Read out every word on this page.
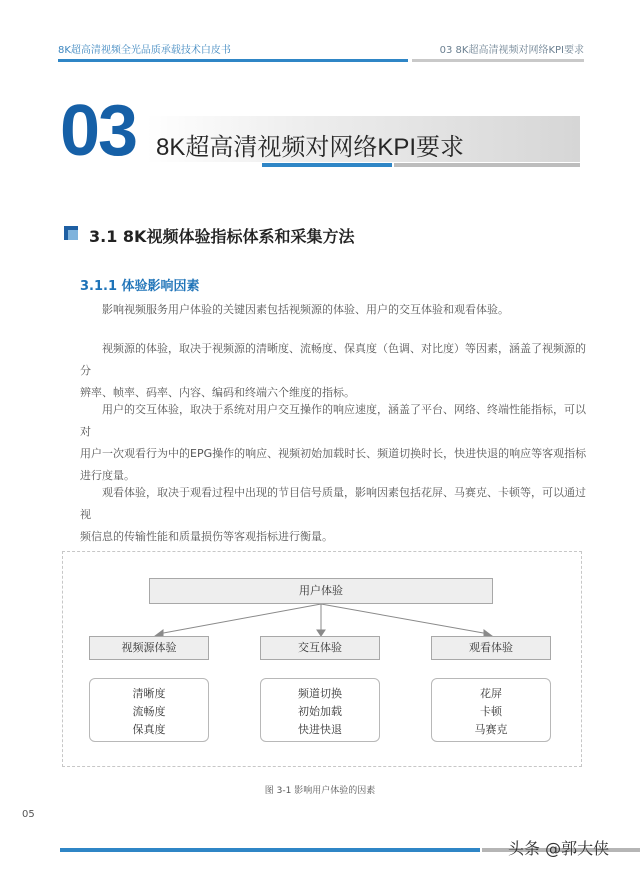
8K超高清视频全光品质承载技术白皮书	03 8K超高清视频对网络KPI要求
03 8K超高清视频对网络KPI要求
3.1 8K视频体验指标体系和采集方法
3.1.1 体验影响因素
影响视频服务用户体验的关键因素包括视频源的体验、用户的交互体验和观看体验。
视频源的体验，取决于视频源的清晰度、流畅度、保真度（色调、对比度）等因素，涵盖了视频源的分
辨率、帧率、码率、内容、编码和终端六个维度的指标。
用户的交互体验，取决于系统对用户交互操作的响应速度，涵盖了平台、网络、终端性能指标，可以对
用户一次观看行为中的EPG操作的响应、视频初始加载时长、频道切换时长，快进快退的响应等客观指标
进行度量。
观看体验，取决于观看过程中出现的节目信号质量，影响因素包括花屏、马赛克、卡顿等，可以通过视
频信息的传输性能和质量损伤等客观指标进行衡量。
用户体验
视频源体验	交互体验	观看体验
清晰度
流畅度
保真度
频道切换
初始加载
快进快退
花屏
卡顿
马赛克
图 3-1 影响用户体验的因素
05
头条 @郭大侠
